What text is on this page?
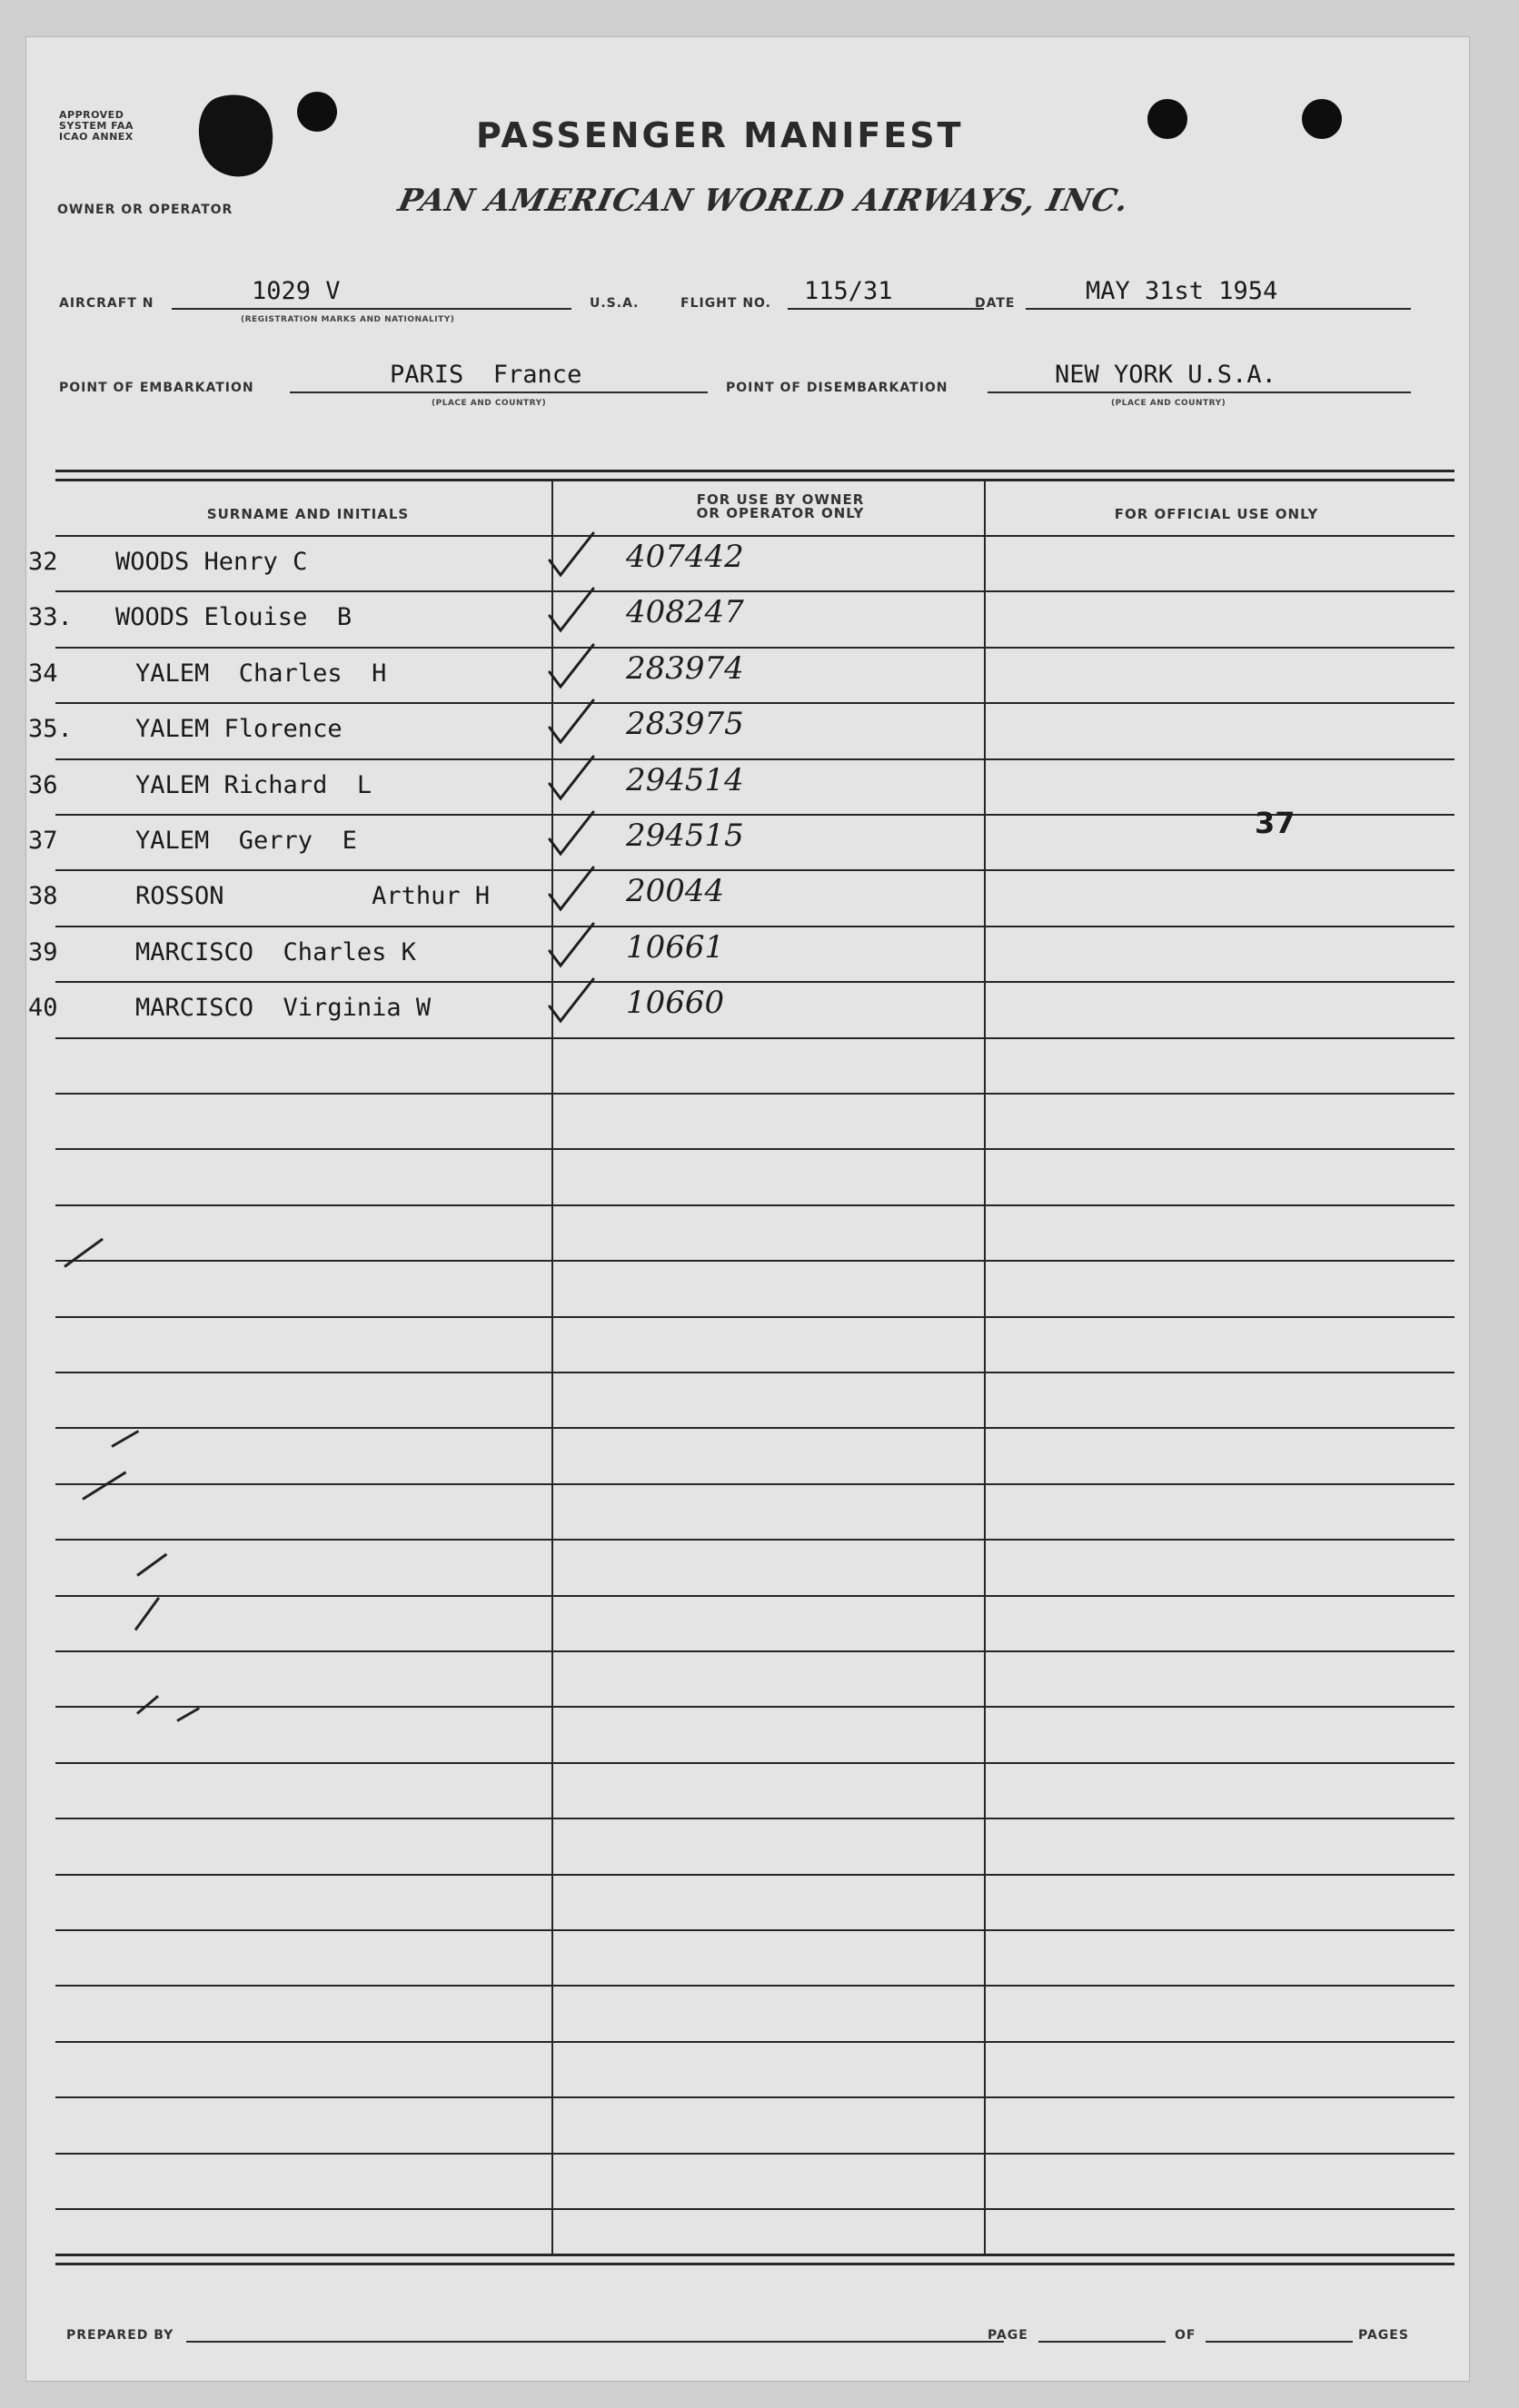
APPROVED
SYSTEM FAA
ICAO ANNEX	PASSENGER MANIFEST
OWNER OR OPERATOR	PAN AMERICAN WORLD AIRWAYS, INC.
AIRCRAFT N	1029 V
(REGISTRATION MARKS AND NATIONALITY)
U.S.A.	FLIGHT NO. 115/31	DATE	MAY 31st 1954
POINT OF EMBARKATION	PARIS  France
(PLACE AND COUNTRY)
POINT OF DISEMBARKATION	NEW YORK U.S.A.
(PLACE AND COUNTRY)
SURNAME AND INITIALS
FOR USE BY OWNER
OR OPERATOR ONLY	FOR OFFICIAL USE ONLY
32 WOODS Henry C	407442
33. WOODS Elouise  B	408247
34	YALEM  Charles  H	283974
35.	YALEM Florence	283975
36	YALEM Richard  L	294514
37	YALEM  Gerry  E	294515
38	ROSSON          Arthur H	20044
39	MARCISCO  Charles K	10661
40	MARCISCO  Virginia W	10660
37
PREPARED BY	PAGE	OF	PAGES
